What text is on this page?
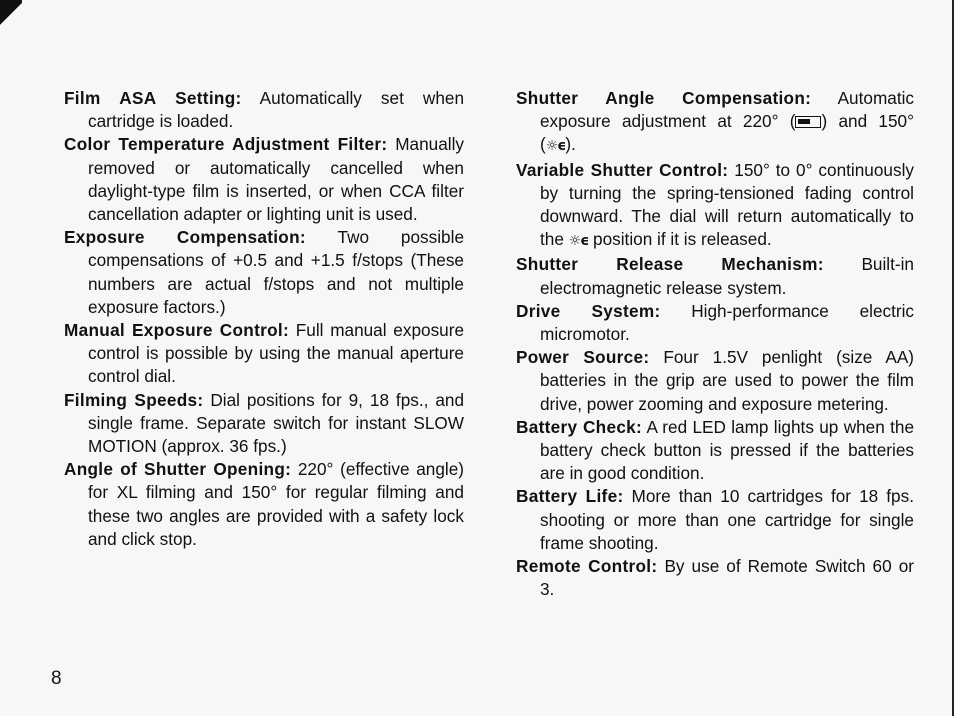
Film ASA Setting: Automatically set when cartridge is loaded.

Color Temperature Adjustment Filter: Manually removed or automatically cancelled when daylight-type film is inserted, or when CCA filter cancellation adapter or lighting unit is used.

Exposure Compensation: Two possible compensations of +0.5 and +1.5 f/stops (These numbers are actual f/stops and not multiple exposure factors.)

Manual Exposure Control: Full manual exposure control is possible by using the manual aperture control dial.

Filming Speeds: Dial positions for 9, 18 fps., and single frame. Separate switch for instant SLOW MOTION (approx. 36 fps.)

Angle of Shutter Opening: 220° (effective angle) for XL filming and 150° for regular filming and these two angles are provided with a safety lock and click stop.

Shutter Angle Compensation: Automatic exposure adjustment at 220° ( ) and 150° (☼ϵ).

Variable Shutter Control: 150° to 0° continuously by turning the spring-tensioned fading control downward. The dial will return automatically to the ☼ϵ position if it is released.

Shutter Release Mechanism: Built-in electromagnetic release system.

Drive System: High-performance electric micromotor.

Power Source: Four 1.5V penlight (size AA) batteries in the grip are used to power the film drive, power zooming and exposure metering.

Battery Check: A red LED lamp lights up when the battery check button is pressed if the batteries are in good condition.

Battery Life: More than 10 cartridges for 18 fps. shooting or more than one cartridge for single frame shooting.

Remote Control: By use of Remote Switch 60 or 3.

8
